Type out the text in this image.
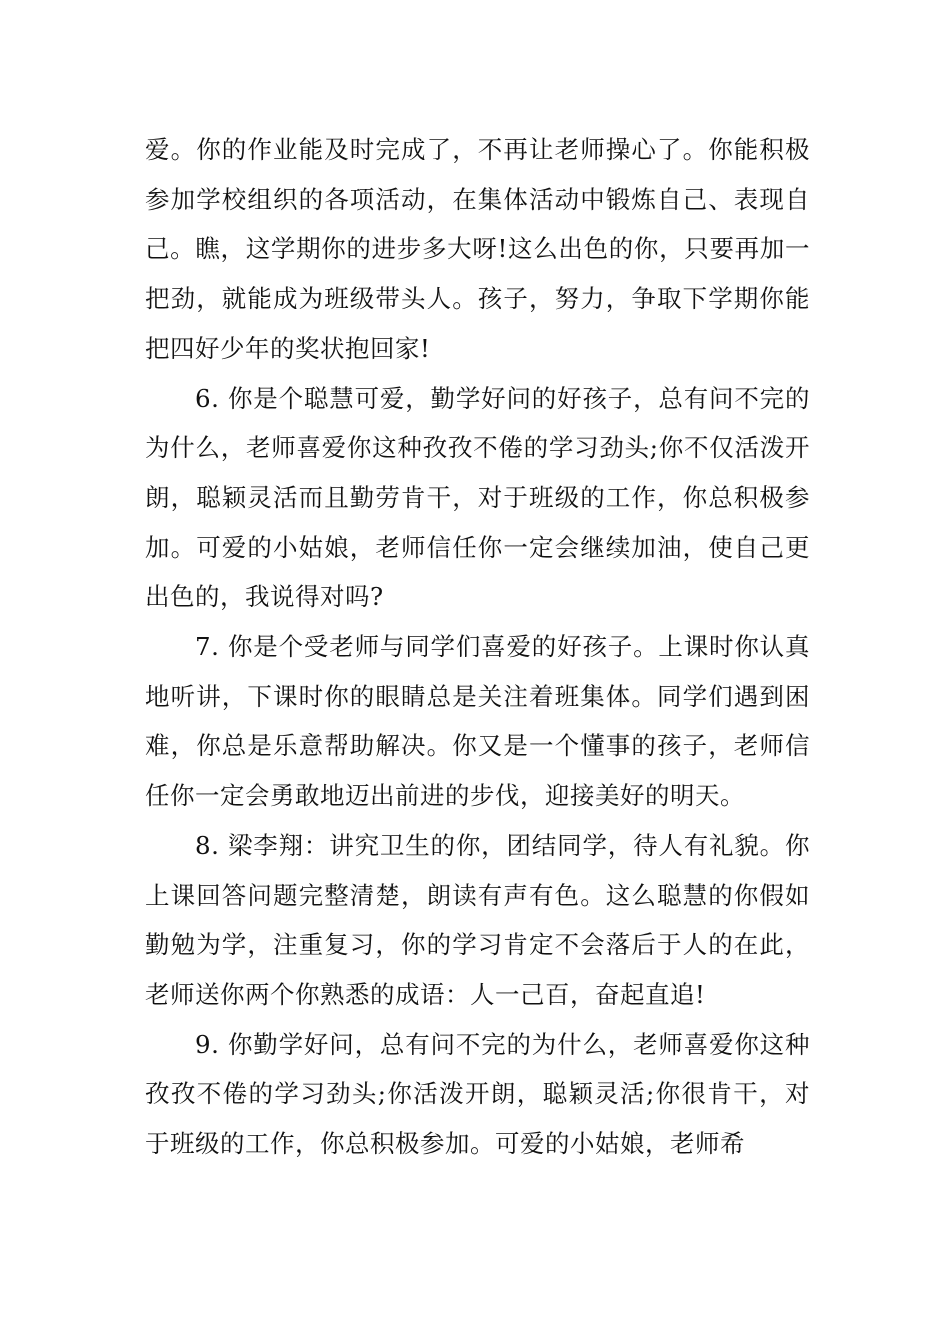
爱。你的作业能及时完成了，不再让老师操心了。你能积极参加学校组织的各项活动，在集体活动中锻炼自己、表现自己。瞧，这学期你的进步多大呀!这么出色的你，只要再加一把劲，就能成为班级带头人。孩子，努力，争取下学期你能把四好少年的奖状抱回家!

6. 你是个聪慧可爱，勤学好问的好孩子，总有问不完的为什么，老师喜爱你这种孜孜不倦的学习劲头;你不仅活泼开朗，聪颖灵活而且勤劳肯干，对于班级的工作，你总积极参加。可爱的小姑娘，老师信任你一定会继续加油，使自己更出色的，我说得对吗?

7. 你是个受老师与同学们喜爱的好孩子。上课时你认真地听讲，下课时你的眼睛总是关注着班集体。同学们遇到困难，你总是乐意帮助解决。你又是一个懂事的孩子，老师信任你一定会勇敢地迈出前进的步伐，迎接美好的明天。

8. 梁李翔：讲究卫生的你，团结同学，待人有礼貌。你上课回答问题完整清楚，朗读有声有色。这么聪慧的你假如勤勉为学，注重复习，你的学习肯定不会落后于人的在此，老师送你两个你熟悉的成语：人一己百，奋起直追!

9. 你勤学好问，总有问不完的为什么，老师喜爱你这种孜孜不倦的学习劲头;你活泼开朗，聪颖灵活;你很肯干，对于班级的工作，你总积极参加。可爱的小姑娘，老师希
